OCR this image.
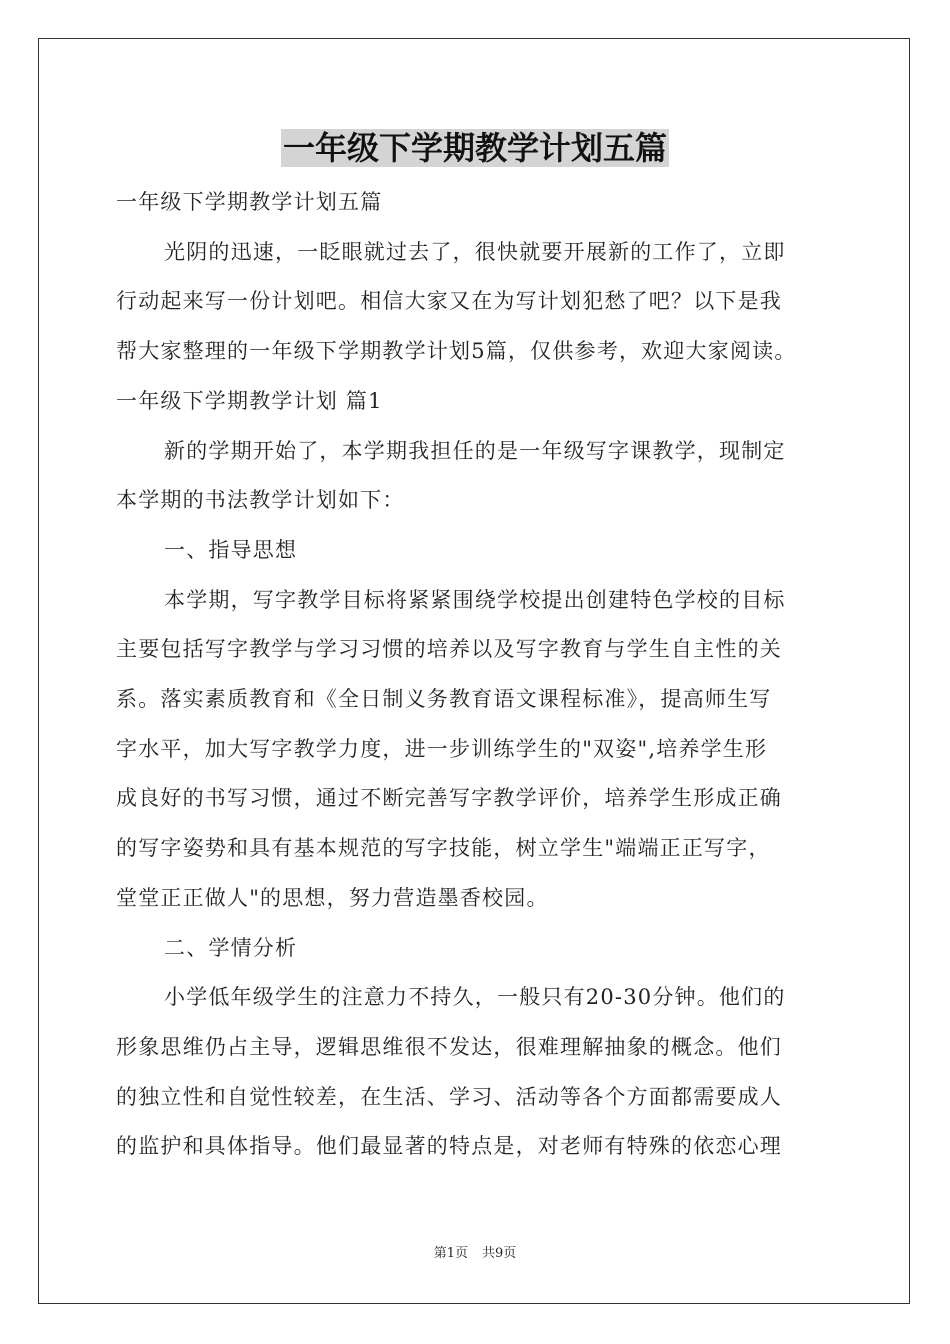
一年级下学期教学计划五篇

一年级下学期教学计划五篇

光阴的迅速，一眨眼就过去了，很快就要开展新的工作了，立即

行动起来写一份计划吧。相信大家又在为写计划犯愁了吧？以下是我

帮大家整理的一年级下学期教学计划5篇，仅供参考，欢迎大家阅读。

一年级下学期教学计划 篇1

新的学期开始了，本学期我担任的是一年级写字课教学，现制定

本学期的书法教学计划如下：

一、指导思想

本学期，写字教学目标将紧紧围绕学校提出创建特色学校的目标

主要包括写字教学与学习习惯的培养以及写字教育与学生自主性的关

系。落实素质教育和《全日制义务教育语文课程标准》，提高师生写

字水平，加大写字教学力度，进一步训练学生的"双姿",培养学生形

成良好的书写习惯，通过不断完善写字教学评价，培养学生形成正确

的写字姿势和具有基本规范的写字技能，树立学生"端端正正写字，

堂堂正正做人"的思想，努力营造墨香校园。

二、学情分析

小学低年级学生的注意力不持久，一般只有20-30分钟。他们的

形象思维仍占主导，逻辑思维很不发达，很难理解抽象的概念。他们

的独立性和自觉性较差，在生活、学习、活动等各个方面都需要成人

的监护和具体指导。他们最显著的特点是，对老师有特殊的依恋心理

第1页 共9页
